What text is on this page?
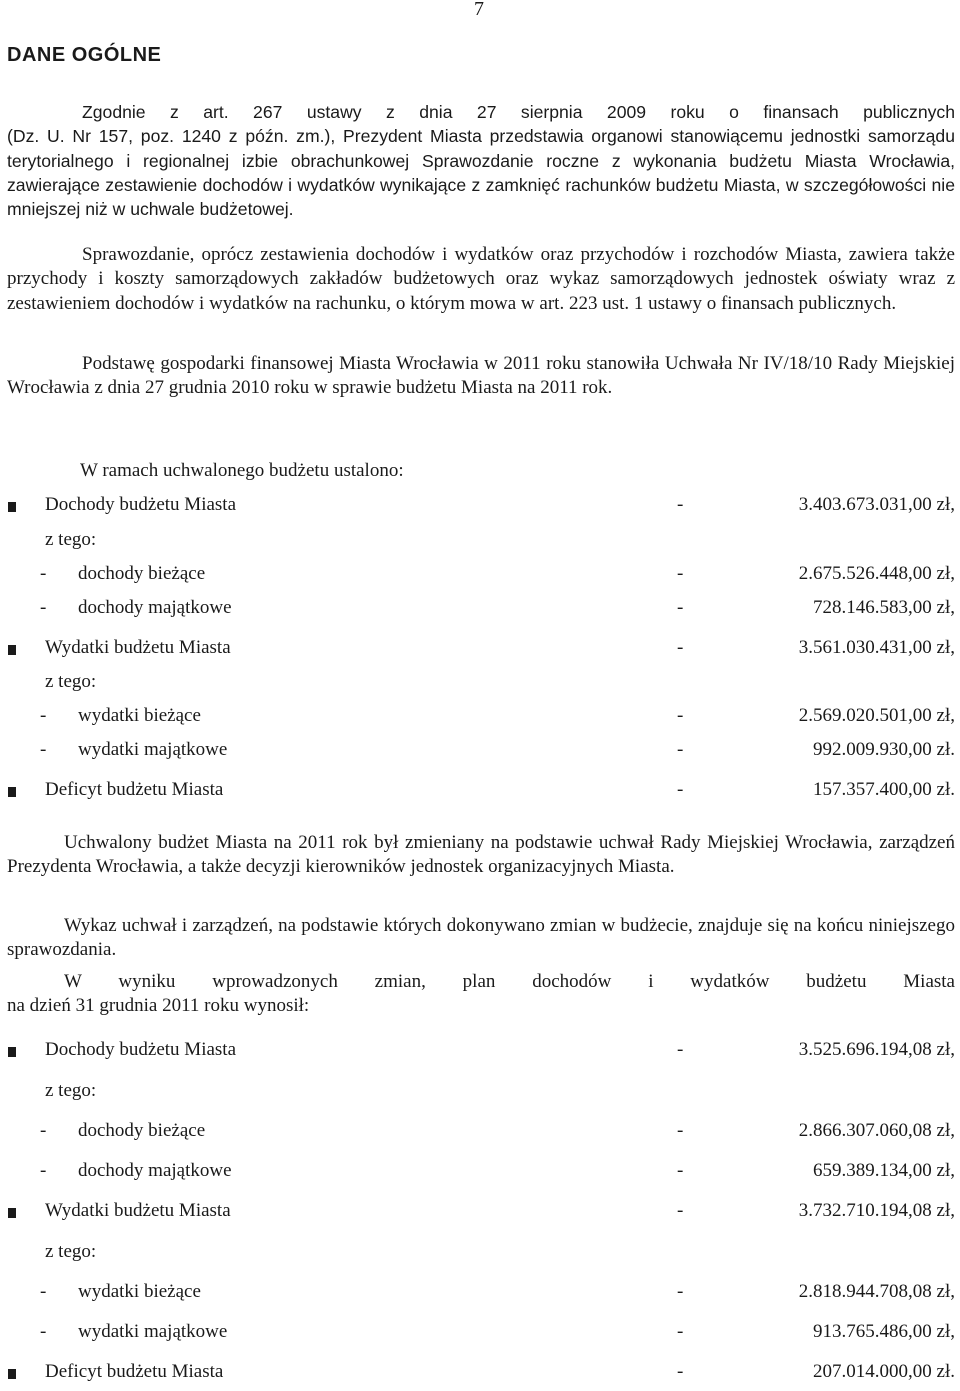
7
DANE OGÓLNE
Zgodnie z art. 267 ustawy z dnia 27 sierpnia 2009 roku o finansach publicznych
(Dz. U. Nr 157, poz. 1240 z późn. zm.), Prezydent Miasta przedstawia organowi stanowiącemu jednostki samorządu terytorialnego i regionalnej izbie obrachunkowej Sprawozdanie roczne z wykonania budżetu Miasta Wrocławia, zawierające zestawienie dochodów i wydatków wynikające z zamknięć rachunków budżetu Miasta, w szczegółowości nie mniejszej niż w uchwale budżetowej.

Sprawozdanie, oprócz zestawienia dochodów i wydatków oraz przychodów i rozchodów Miasta, zawiera także przychody i koszty samorządowych zakładów budżetowych oraz wykaz samorządowych jednostek oświaty wraz z zestawieniem dochodów i wydatków na rachunku, o którym mowa w art. 223 ust. 1 ustawy o finansach publicznych.

Podstawę gospodarki finansowej Miasta Wrocławia w 2011 roku stanowiła Uchwała Nr IV/18/10 Rady Miejskiej Wrocławia z dnia 27 grudnia 2010 roku w sprawie budżetu Miasta na 2011 rok.

W ramach uchwalonego budżetu ustalono:
Dochody budżetu Miasta	-	3.403.673.031,00 zł,
z tego:
- dochody bieżące	-	2.675.526.448,00 zł,
- dochody majątkowe	-	728.146.583,00 zł,
Wydatki budżetu Miasta	-	3.561.030.431,00 zł,
z tego:
- wydatki bieżące	-	2.569.020.501,00 zł,
- wydatki majątkowe	-	992.009.930,00 zł.
Deficyt budżetu Miasta	-	157.357.400,00 zł.

Uchwalony budżet Miasta na 2011 rok był zmieniany na podstawie uchwał Rady Miejskiej Wrocławia, zarządzeń Prezydenta Wrocławia, a także decyzji kierowników jednostek organizacyjnych Miasta.

Wykaz uchwał i zarządzeń, na podstawie których dokonywano zmian w budżecie, znajduje się na końcu niniejszego sprawozdania.

W wyniku wprowadzonych zmian, plan dochodów i wydatków budżetu Miasta
na dzień 31 grudnia 2011 roku wynosił:
Dochody budżetu Miasta	-	3.525.696.194,08 zł,
z tego:
- dochody bieżące	-	2.866.307.060,08 zł,
- dochody majątkowe	-	659.389.134,00 zł,
Wydatki budżetu Miasta	-	3.732.710.194,08 zł,
z tego:
- wydatki bieżące	-	2.818.944.708,08 zł,
- wydatki majątkowe	-	913.765.486,00 zł,
Deficyt budżetu Miasta	-	207.014.000,00 zł.
